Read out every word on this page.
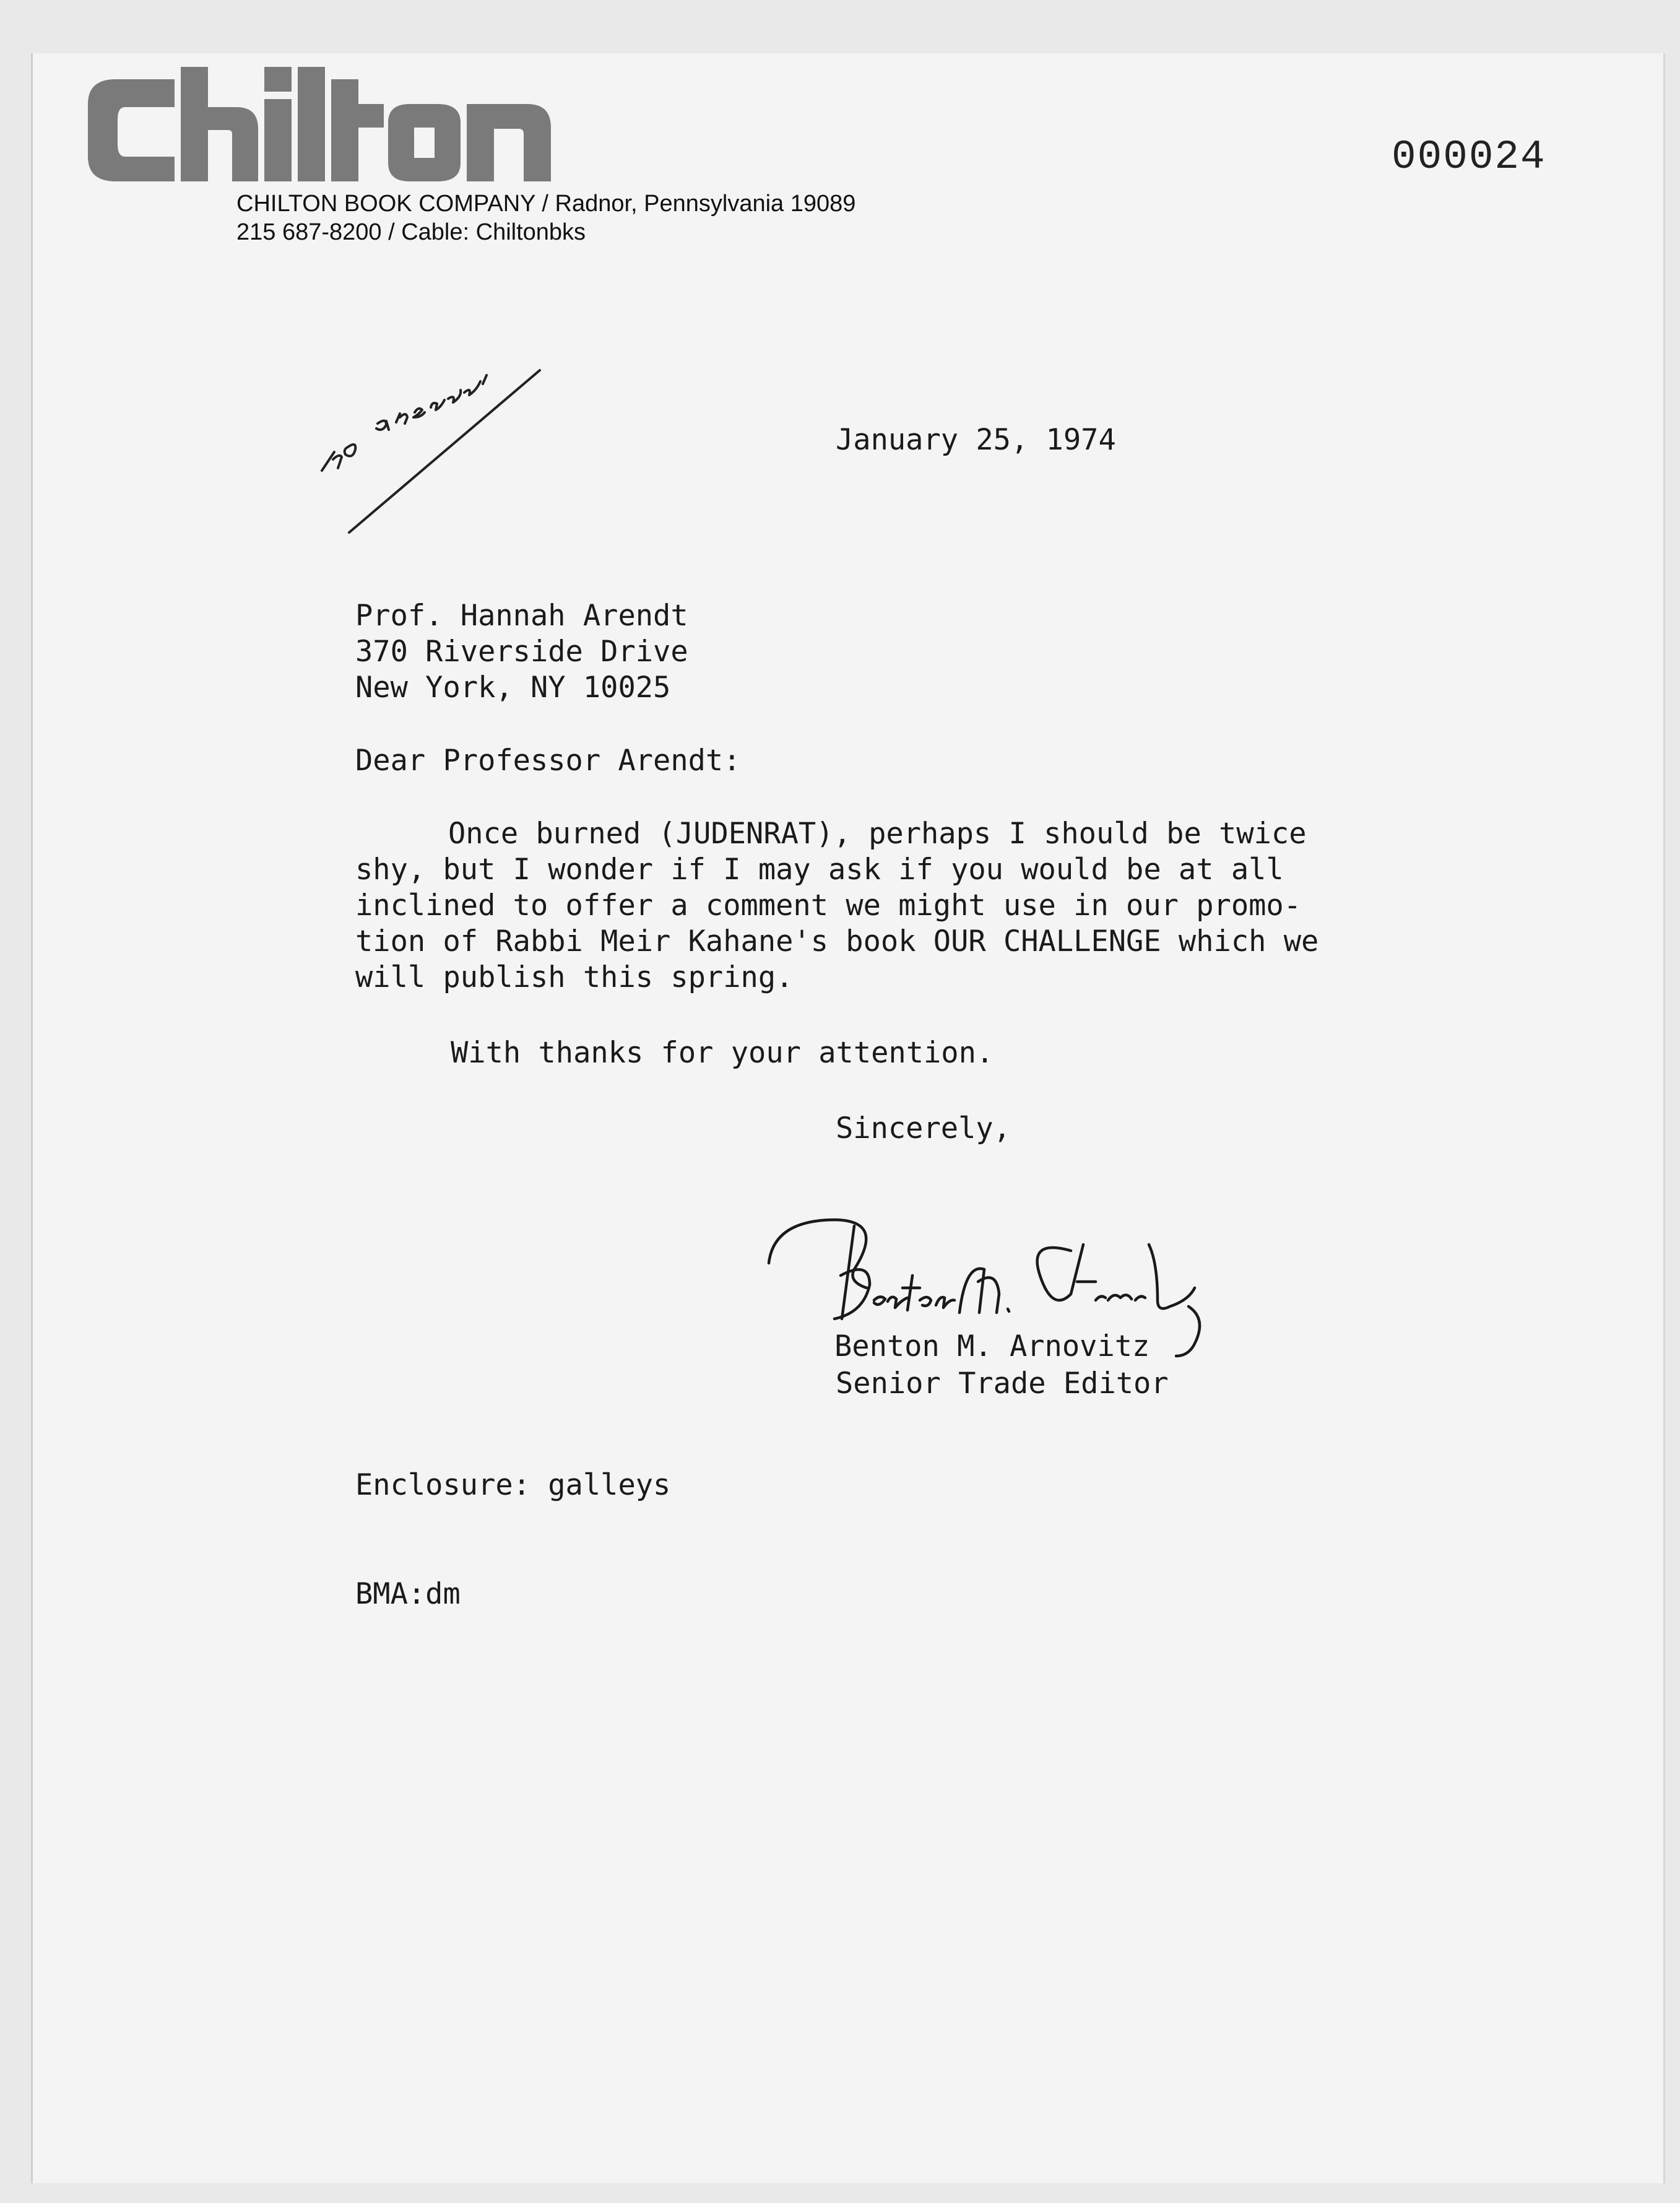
CHILTON BOOK COMPANY / Radnor, Pennsylvania 19089
215 687-8200 / Cable: Chiltonbks
000024
January 25, 1974
Prof. Hannah Arendt
370 Riverside Drive
New York, NY 10025
Dear Professor Arendt:
Once burned (JUDENRAT), perhaps I should be twice
shy, but I wonder if I may ask if you would be at all
inclined to offer a comment we might use in our promo-
tion of Rabbi Meir Kahane's book OUR CHALLENGE which we
will publish this spring.
With thanks for your attention.
Sincerely,
Benton M. Arnovitz
Senior Trade Editor
Enclosure: galleys
BMA:dm
